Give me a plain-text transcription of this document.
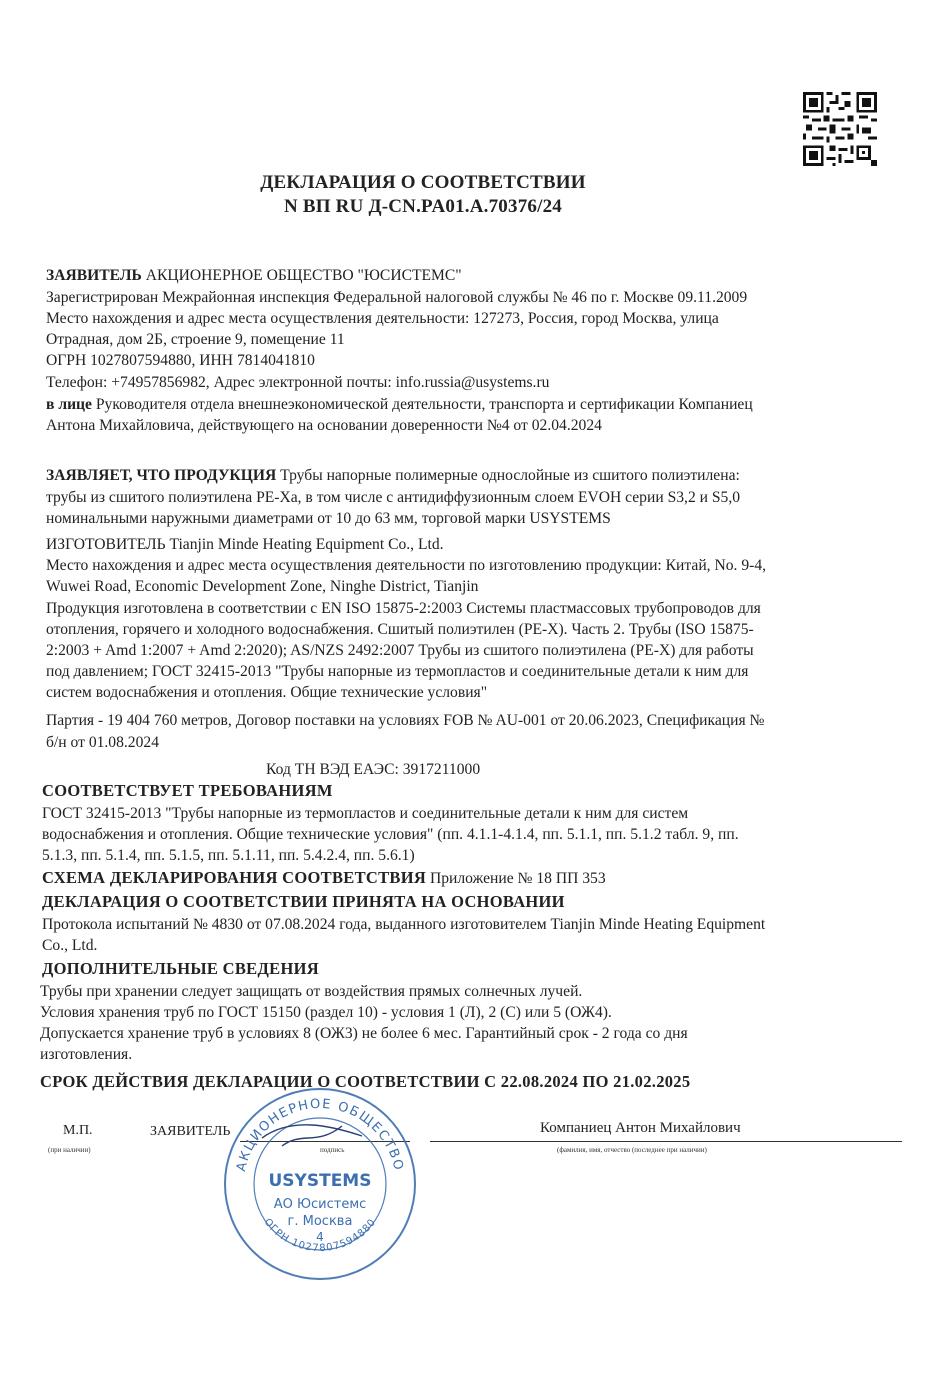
ДЕКЛАРАЦИЯ О СООТВЕТСТВИИ
N ВП RU Д-CN.PA01.A.70376/24
ЗАЯВИТЕЛЬ АКЦИОНЕРНОЕ ОБЩЕСТВО "ЮСИСТЕМС"
Зарегистрирован Межрайонная инспекция Федеральной налоговой службы № 46 по г. Москве 09.11.2009
Место нахождения и адрес места осуществления деятельности: 127273, Россия, город Москва, улица
Отрадная, дом 2Б, строение 9, помещение 11
ОГРН 1027807594880, ИНН 7814041810
Телефон: +74957856982, Адрес электронной почты: info.russia@usystems.ru
в лице Руководителя отдела внешнеэкономической деятельности, транспорта и сертификации Компаниец
Антона Михайловича, действующего на основании доверенности №4 от 02.04.2024
ЗАЯВЛЯЕТ, ЧТО ПРОДУКЦИЯ Трубы напорные полимерные однослойные из сшитого полиэтилена:
трубы из сшитого полиэтилена PE-Xa, в том числе с антидиффузионным слоем EVOH серии S3,2 и S5,0
номинальными наружными диаметрами от 10 до 63 мм, торговой марки USYSTEMS
ИЗГОТОВИТЕЛЬ Tianjin Minde Heating Equipment Co., Ltd.
Место нахождения и адрес места осуществления деятельности по изготовлению продукции: Китай, No. 9-4,
Wuwei Road, Economic Development Zone, Ninghe District, Tianjin
Продукция изготовлена в соответствии с EN ISO 15875-2:2003 Системы пластмассовых трубопроводов для
отопления, горячего и холодного водоснабжения. Сшитый полиэтилен (PE-X). Часть 2. Трубы (ISO 15875-
2:2003 + Amd 1:2007 + Amd 2:2020); AS/NZS 2492:2007 Трубы из сшитого полиэтилена (PE-X) для работы
под давлением; ГОСТ 32415-2013 "Трубы напорные из термопластов и соединительные детали к ним для
систем водоснабжения и отопления. Общие технические условия"
Партия - 19 404 760 метров, Договор поставки на условиях FOB № AU-001 от 20.06.2023, Спецификация №
б/н от 01.08.2024
Код ТН ВЭД ЕАЭС: 3917211000
СООТВЕТСТВУЕТ ТРЕБОВАНИЯМ
ГОСТ 32415-2013 "Трубы напорные из термопластов и соединительные детали к ним для систем
водоснабжения и отопления. Общие технические условия" (пп. 4.1.1-4.1.4, пп. 5.1.1, пп. 5.1.2 табл. 9, пп.
5.1.3, пп. 5.1.4, пп. 5.1.5, пп. 5.1.11, пп. 5.4.2.4, пп. 5.6.1)
СХЕМА ДЕКЛАРИРОВАНИЯ СООТВЕТСТВИЯ Приложение № 18 ПП 353
ДЕКЛАРАЦИЯ О СООТВЕТСТВИИ ПРИНЯТА НА ОСНОВАНИИ
Протокола испытаний № 4830 от 07.08.2024 года, выданного изготовителем Tianjin Minde Heating Equipment
Co., Ltd.
ДОПОЛНИТЕЛЬНЫЕ СВЕДЕНИЯ
Трубы при хранении следует защищать от воздействия прямых солнечных лучей.
Условия хранения труб по ГОСТ 15150 (раздел 10) - условия 1 (Л), 2 (С) или 5 (ОЖ4).
Допускается хранение труб в условиях 8 (ОЖ3) не более 6 мес. Гарантийный срок - 2 года со дня
изготовления.
СРОК ДЕЙСТВИЯ ДЕКЛАРАЦИИ О СООТВЕТСТВИИ С 22.08.2024 ПО 21.02.2025
М.П.
(при наличии)
ЗАЯВИТЕЛЬ
подпись
Компаниец Антон Михайлович
(фамилия, имя, отчество (последнее при наличии)
АКЦИОНЕРНОЕ ОБЩЕСТВО
ОГРН 1027807594880
USYSTEMS
АО Юсистемс
г. Москва
4
